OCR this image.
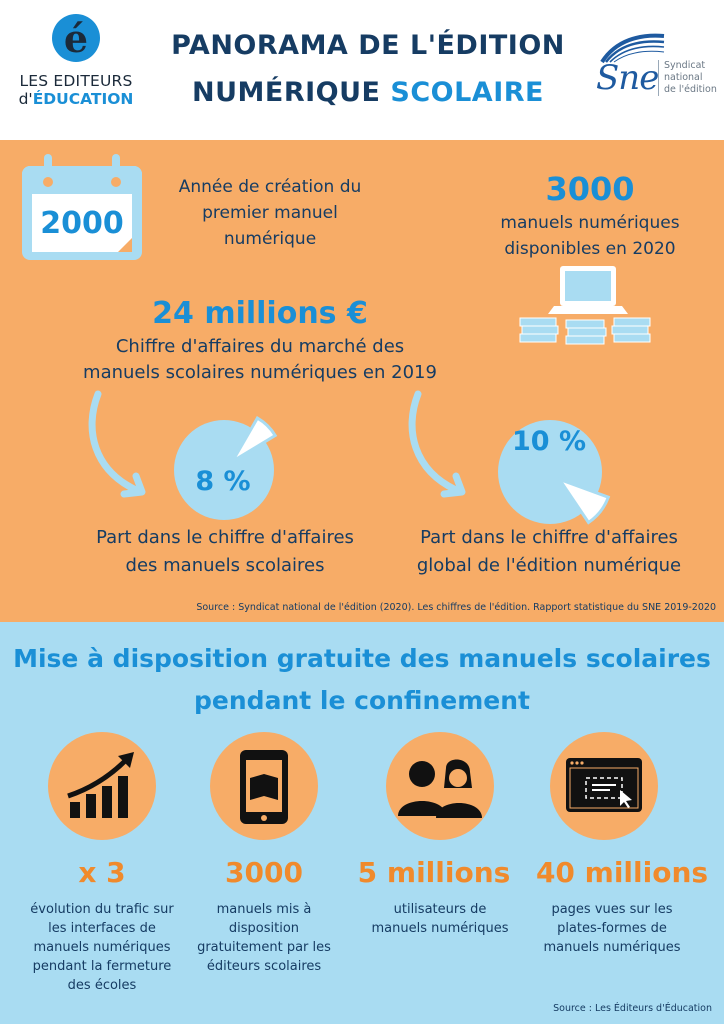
é
LES EDITEURS
d'ÉDUCATION
PANORAMA DE L'ÉDITION
NUMÉRIQUE SCOLAIRE	Sne Syndicat
national
de l'édition
2000
Année de création du
premier manuel
numérique
3000
manuels numériques
disponibles en 2020
24 millions €
Chiffre d'affaires du marché des
manuels scolaires numériques en 2019
8 %
10 %
Part dans le chiffre d'affaires
des manuels scolaires
Part dans le chiffre d'affaires
global de l'édition numérique
Source : Syndicat national de l'édition (2020). Les chiffres de l'édition. Rapport statistique du SNE 2019-2020
Mise à disposition gratuite des manuels scolaires
pendant le confinement
x 3	3000	5 millions 40 millions
évolution du trafic sur
les interfaces de
manuels numériques
pendant la fermeture
des écoles
manuels mis à
disposition
gratuitement par les
éditeurs scolaires
utilisateurs de
manuels numériques
pages vues sur les
plates-formes de
manuels numériques
Source : Les Éditeurs d'Éducation
